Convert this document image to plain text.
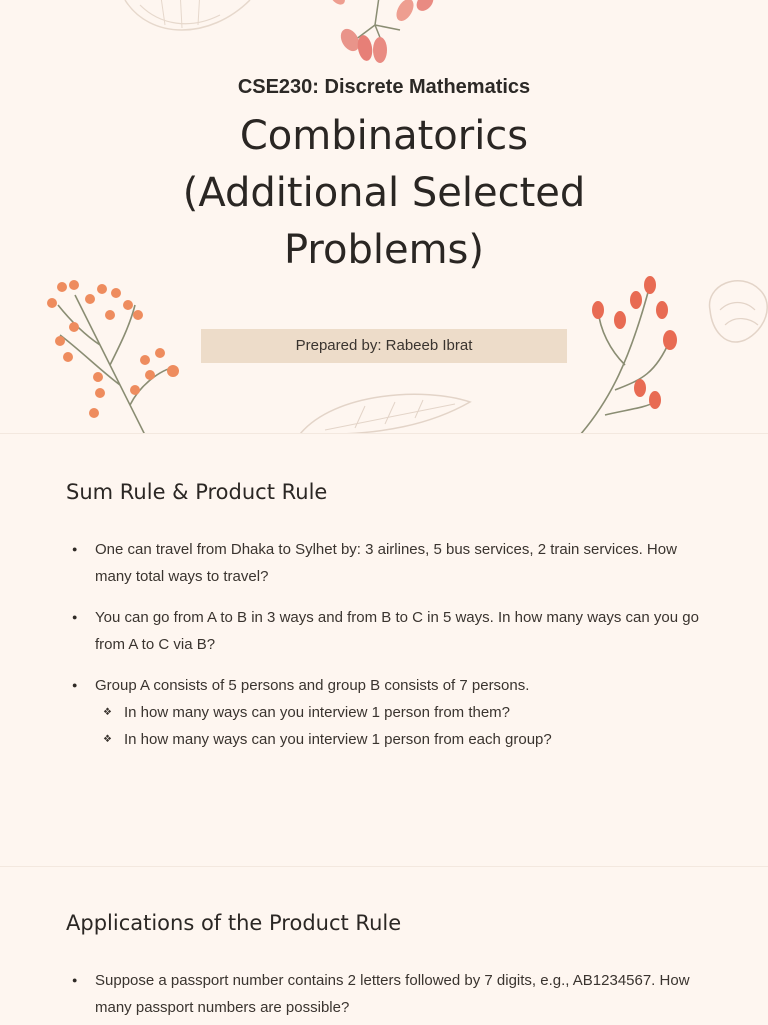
CSE230: Discrete Mathematics
Combinatorics
(Additional Selected
Problems)
Prepared by: Rabeeb Ibrat
Sum Rule & Product Rule
● One can travel from Dhaka to Sylhet by: 3 airlines, 5 bus services, 2 train services. How many total ways to travel?
● You can go from A to B in 3 ways and from B to C in 5 ways. In how many ways can you go from A to C via B?
● Group A consists of 5 persons and group B consists of 7 persons.
❖ In how many ways can you interview 1 person from them?
❖ In how many ways can you interview 1 person from each group?
Applications of the Product Rule
● Suppose a passport number contains 2 letters followed by 7 digits, e.g., AB1234567. How many passport numbers are possible?
